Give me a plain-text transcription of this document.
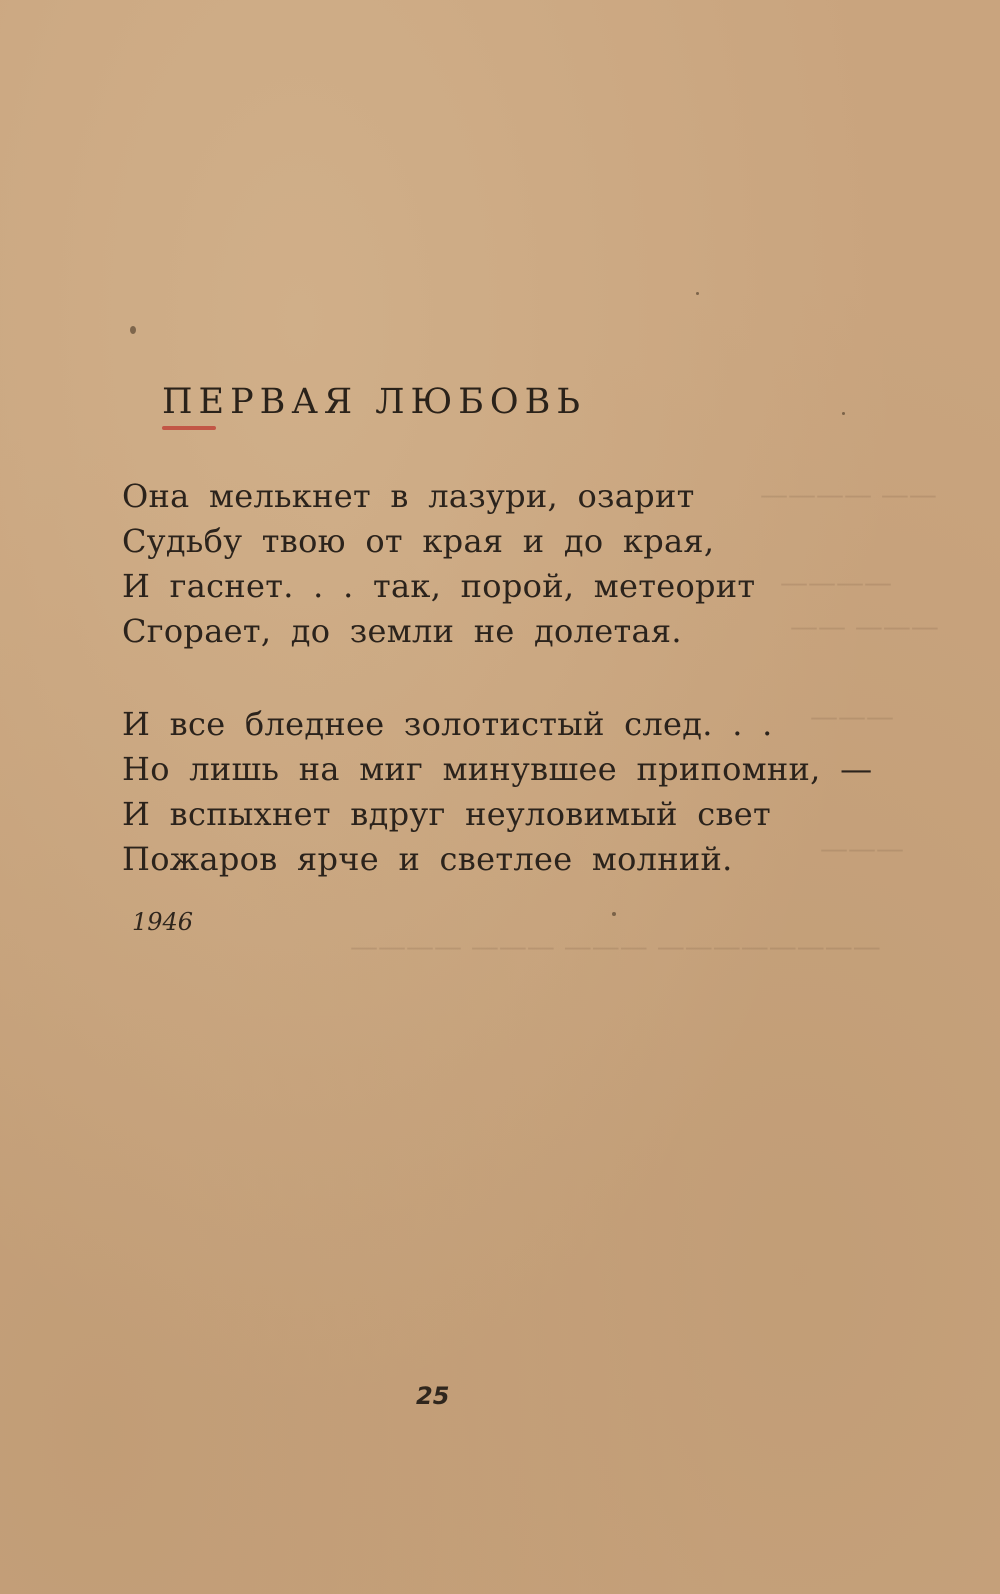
———— ——
————
—— ———
———
———
———— ——— ——— ————————
ПЕРВАЯ ЛЮБОВЬ
Она мелькнет в лазури, озарит
Судьбу твою от края и до края,
И гаснет. . . так, порой, метеорит
Сгорает, до земли не долетая.
И все бледнее золотистый след. . .
Но лишь на миг минувшее припомни, —
И вспыхнет вдруг неуловимый свет
Пожаров ярче и светлее молний.
1946
25
